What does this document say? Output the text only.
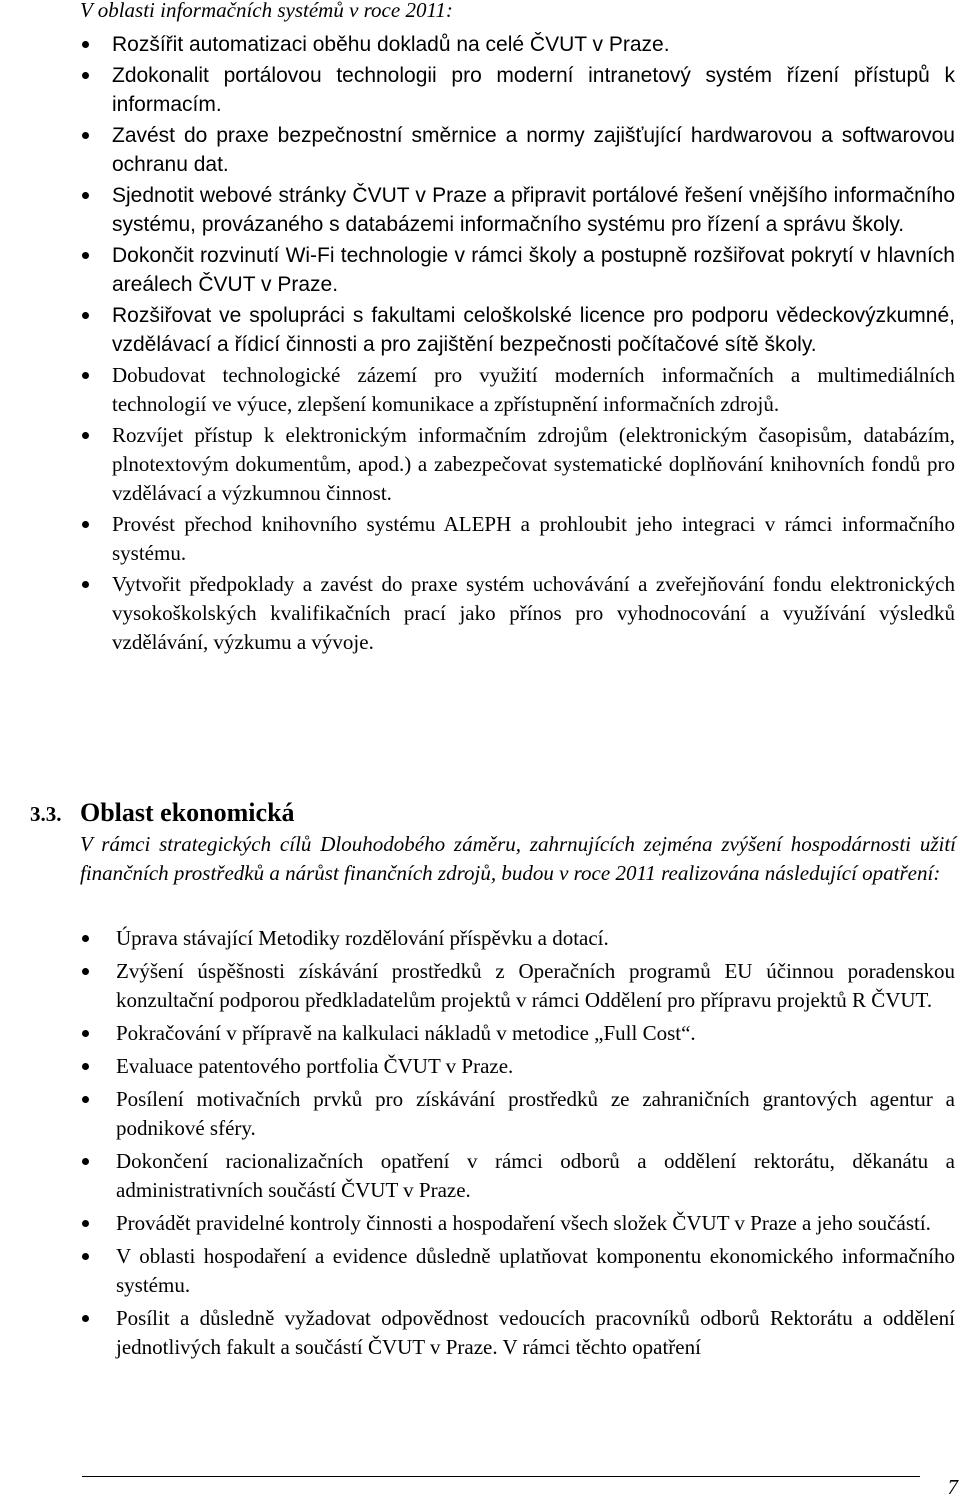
V oblasti informačních systémů v roce 2011:

Rozšířit automatizaci oběhu dokladů na celé ČVUT v Praze.
Zdokonalit portálovou technologii pro moderní intranetový systém řízení přístupů k informacím.
Zavést do praxe bezpečnostní směrnice a normy zajišťující hardwarovou a softwarovou ochranu dat.
Sjednotit webové stránky ČVUT v Praze a připravit portálové řešení vnějšího informačního systému, provázaného s databázemi informačního systému pro řízení a správu školy.
Dokončit rozvinutí Wi-Fi technologie v rámci školy a postupně rozšiřovat pokrytí v hlavních areálech ČVUT v Praze.
Rozšiřovat ve spolupráci s fakultami celoškolské licence pro podporu vědeckovýzkumné, vzdělávací a řídicí činnosti a pro zajištění bezpečnosti počítačové sítě školy.
Dobudovat technologické zázemí pro využití moderních informačních a multimediálních technologií ve výuce, zlepšení komunikace a zpřístupnění informačních zdrojů.
Rozvíjet přístup k elektronickým informačním zdrojům (elektronickým časopisům, databázím, plnotextovým dokumentům, apod.) a zabezpečovat systematické doplňování knihovních fondů pro vzdělávací a výzkumnou činnost.
Provést přechod knihovního systému ALEPH a prohloubit jeho integraci v rámci informačního systému.
Vytvořit předpoklady a zavést do praxe systém uchovávání a zveřejňování fondu elektronických vysokoškolských kvalifikačních prací jako přínos pro vyhodnocování a využívání výsledků vzdělávání, výzkumu a vývoje.
3.3. Oblast ekonomická

V rámci strategických cílů Dlouhodobého záměru, zahrnujících zejména zvýšení hospodárnosti užití finančních prostředků a nárůst finančních zdrojů, budou v roce 2011 realizována následující opatření:

Úprava stávající Metodiky rozdělování příspěvku a dotací.
Zvýšení úspěšnosti získávání prostředků z Operačních programů EU účinnou poradenskou konzultační podporou předkladatelům projektů v rámci Oddělení pro přípravu projektů R ČVUT.
Pokračování v přípravě na kalkulaci nákladů v metodice „Full Cost“.
Evaluace patentového portfolia ČVUT v Praze.
Posílení motivačních prvků pro získávání prostředků ze zahraničních grantových agentur a podnikové sféry.
Dokončení racionalizačních opatření v rámci odborů a oddělení rektorátu, děkanátu a administrativních součástí ČVUT v Praze.
Provádět pravidelné kontroly činnosti a hospodaření všech složek ČVUT v Praze a jeho součástí.
V oblasti hospodaření a evidence důsledně uplatňovat komponentu ekonomického informačního systému.
Posílit a důsledně vyžadovat odpovědnost vedoucích pracovníků odborů Rektorátu a oddělení jednotlivých fakult a součástí ČVUT v Praze. V rámci těchto opatření
7
